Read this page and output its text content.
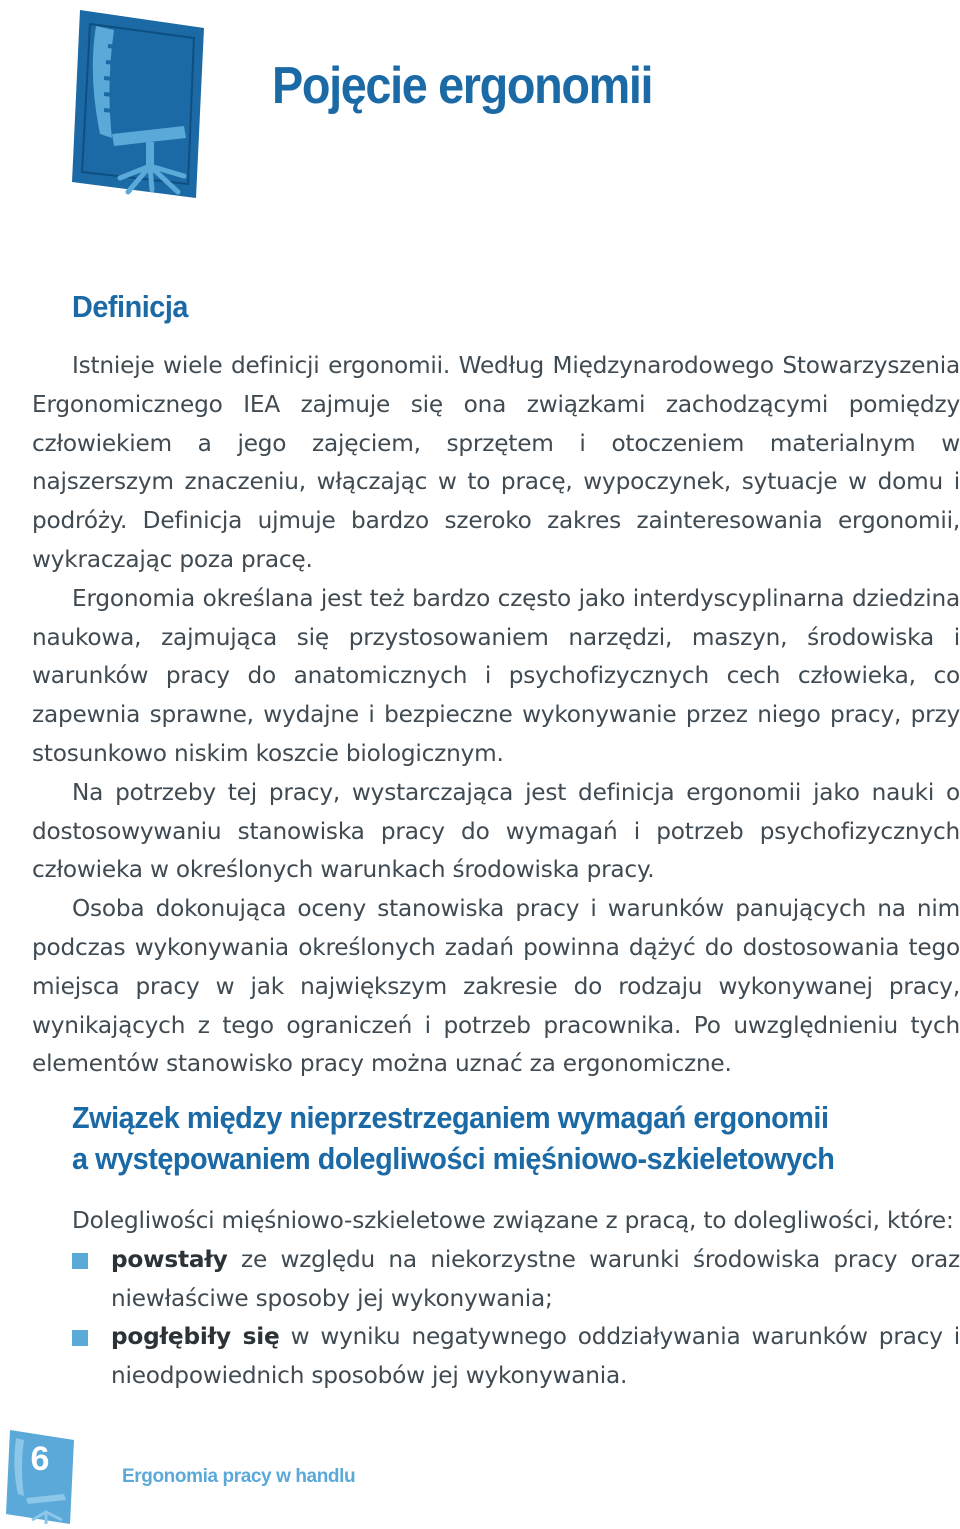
Pojęcie ergonomii
Definicja

Istnieje wiele definicji ergonomii. Według Międzynarodowego Stowarzyszenia Ergonomicznego IEA zajmuje się ona związkami zachodzącymi pomiędzy człowiekiem a jego zajęciem, sprzętem i otoczeniem materialnym w najszerszym znaczeniu, włączając w to pracę, wypoczynek, sytuacje w domu i podróży. Definicja ujmuje bardzo szeroko zakres zainteresowania ergonomii, wykraczając poza pracę.

Ergonomia określana jest też bardzo często jako interdyscyplinarna dziedzina naukowa, zajmująca się przystosowaniem narzędzi, maszyn, środowiska i warunków pracy do anatomicznych i psychofizycznych cech człowieka, co zapewnia sprawne, wydajne i bezpieczne wykonywanie przez niego pracy, przy stosunkowo niskim koszcie biologicznym.

Na potrzeby tej pracy, wystarczająca jest definicja ergonomii jako nauki o dostosowywaniu stanowiska pracy do wymagań i potrzeb psychofizycznych człowieka w określonych warunkach środowiska pracy.

Osoba dokonująca oceny stanowiska pracy i warunków panujących na nim podczas wykonywania określonych zadań powinna dążyć do dostosowania tego miejsca pracy w jak największym zakresie do rodzaju wykonywanej pracy, wynikających z tego ograniczeń i potrzeb pracownika. Po uwzględnieniu tych elementów stanowisko pracy można uznać za ergonomiczne.

Związek między nieprzestrzeganiem wymagań ergonomii
a występowaniem dolegliwości mięśniowo-szkieletowych

Dolegliwości mięśniowo-szkieletowe związane z pracą, to dolegliwości, które:

powstały ze względu na niekorzystne warunki środowiska pracy oraz niewłaściwe sposoby jej wykonywania;
pogłębiły się w wyniku negatywnego oddziaływania warunków pracy i nieodpowiednich sposobów jej wykonywania.
6	Ergonomia pracy w handlu
